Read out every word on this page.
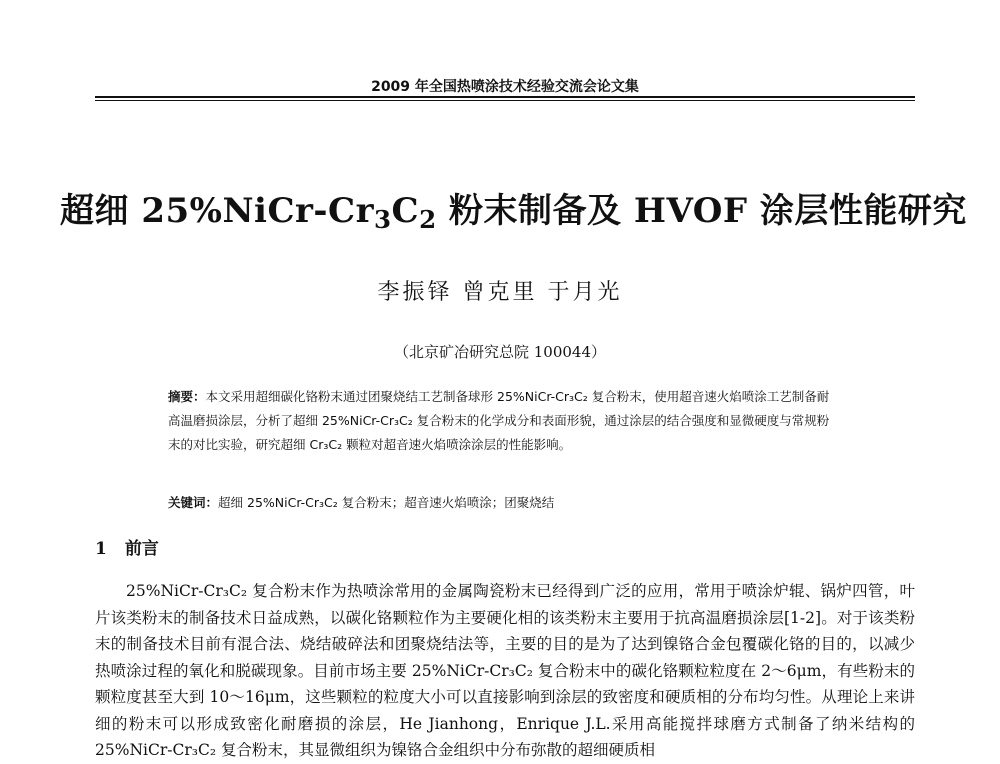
2009 年全国热喷涂技术经验交流会论文集
超细 $25\%NiCr-Cr_3C_2$ 粉末制备及 HVOF 涂层性能研究
李振铎 曾克里 于月光
（北京矿冶研究总院 100044）
摘要：本文采用超细碳化铬粉末通过团聚烧结工艺制备球形 25%NiCr-Cr₃C₂ 复合粉末，使用超音速火焰喷涂工艺制备耐高温磨损涂层，分析了超细 25%NiCr-Cr₃C₂ 复合粉末的化学成分和表面形貌，通过涂层的结合强度和显微硬度与常规粉末的对比实验，研究超细 Cr₃C₂ 颗粒对超音速火焰喷涂涂层的性能影响。
关键词：超细 25%NiCr-Cr₃C₂ 复合粉末；超音速火焰喷涂；团聚烧结
1 前言
25%NiCr-Cr₃C₂ 复合粉末作为热喷涂常用的金属陶瓷粉末已经得到广泛的应用，常用于喷涂炉辊、锅炉四管，叶片该类粉末的制备技术日益成熟，以碳化铬颗粒作为主要硬化相的该类粉末主要用于抗高温磨损涂层[1-2]。对于该类粉末的制备技术目前有混合法、烧结破碎法和团聚烧结法等，主要的目的是为了达到镍铬合金包覆碳化铬的目的，以减少热喷涂过程的氧化和脱碳现象。目前市场主要 25%NiCr-Cr₃C₂ 复合粉末中的碳化铬颗粒粒度在 2～6μm，有些粉末的颗粒度甚至大到 10～16μm，这些颗粒的粒度大小可以直接影响到涂层的致密度和硬质相的分布均匀性。从理论上来讲细的粉末可以形成致密化耐磨损的涂层，He Jianhong，Enrique J.L.采用高能搅拌球磨方式制备了纳米结构的 25%NiCr-Cr₃C₂ 复合粉末，其显微组织为镍铬合金组织中分布弥散的超细硬质相
